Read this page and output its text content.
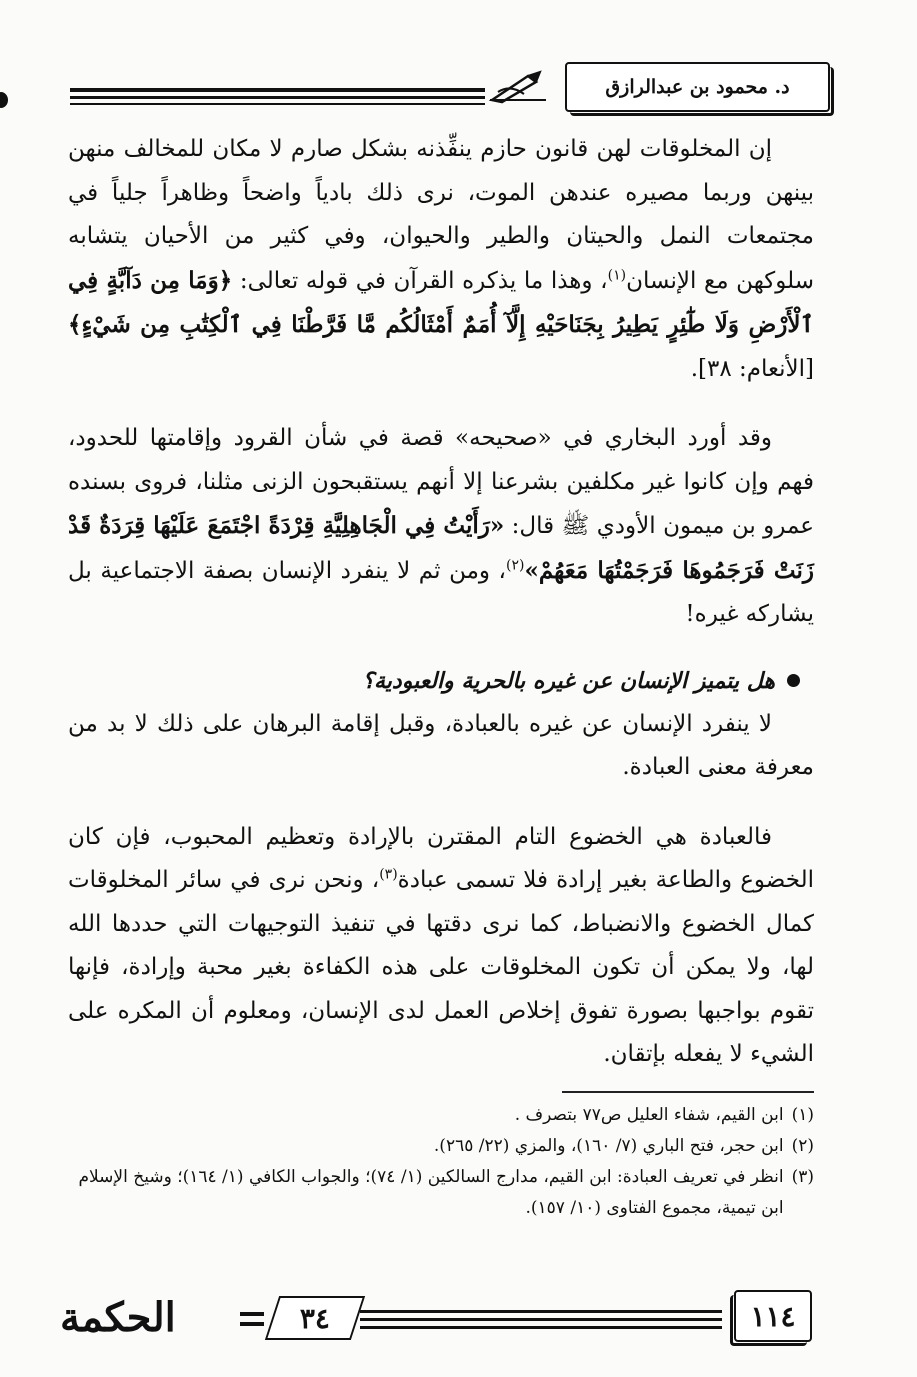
د. محمود بن عبدالرازق

إن المخلوقات لهن قانون حازم ينفِّذنه بشكل صارم لا مكان للمخالف منهن بينهن وربما مصيره عندهن الموت، نرى ذلك بادياً واضحاً وظاهراً جلياً في مجتمعات النمل والحيتان والطير والحيوان، وفي كثير من الأحيان يتشابه سلوكهن مع الإنسان$^{(١)}$، وهذا ما يذكره القرآن في قوله تعالى: ﴿وَمَا مِن دَآبَّةٍ فِي ٱلْأَرْضِ وَلَا طَٰٓئِرٍ يَطِيرُ بِجَنَاحَيْهِ إِلَّآ أُمَمٌ أَمْثَالُكُم مَّا فَرَّطْنَا فِي ٱلْكِتَٰبِ مِن شَيْءٍ﴾ [الأنعام: ٣٨].

وقد أورد البخاري في «صحيحه» قصة في شأن القرود وإقامتها للحدود، فهم وإن كانوا غير مكلفين بشرعنا إلا أنهم يستقبحون الزنى مثلنا، فروى بسنده عمرو بن ميمون الأودي ﷺ قال: «رَأَيْتُ فِي الْجَاهِلِيَّةِ قِرْدَةً اجْتَمَعَ عَلَيْهَا قِرَدَةٌ قَدْ زَنَتْ فَرَجَمُوهَا فَرَجَمْتُهَا مَعَهُمْ»$^{(٢)}$، ومن ثم لا ينفرد الإنسان بصفة الاجتماعية بل يشاركه غيره!

هل يتميز الإنسان عن غيره بالحرية والعبودية؟

لا ينفرد الإنسان عن غيره بالعبادة، وقبل إقامة البرهان على ذلك لا بد من معرفة معنى العبادة.

فالعبادة هي الخضوع التام المقترن بالإرادة وتعظيم المحبوب، فإن كان الخضوع والطاعة بغير إرادة فلا تسمى عبادة$^{(٣)}$، ونحن نرى في سائر المخلوقات كمال الخضوع والانضباط، كما نرى دقتها في تنفيذ التوجيهات التي حددها الله لها، ولا يمكن أن تكون المخلوقات على هذه الكفاءة بغير محبة وإرادة، فإنها تقوم بواجبها بصورة تفوق إخلاص العمل لدى الإنسان، ومعلوم أن المكره على الشيء لا يفعله بإتقان.

(١)
ابن القيم، شفاء العليل ص٧٧ بتصرف .
(٢)
ابن حجر، فتح الباري (٧/ ١٦٠)، والمزي (٢٢/ ٢٦٥).
(٣)
انظر في تعريف العبادة: ابن القيم، مدارج السالكين (١/ ٧٤)؛ والجواب الكافي (١/ ١٦٤)؛ وشيخ الإسلام ابن تيمية، مجموع الفتاوى (١٠/ ١٥٧).
الحكمة	٣٤	١١٤
